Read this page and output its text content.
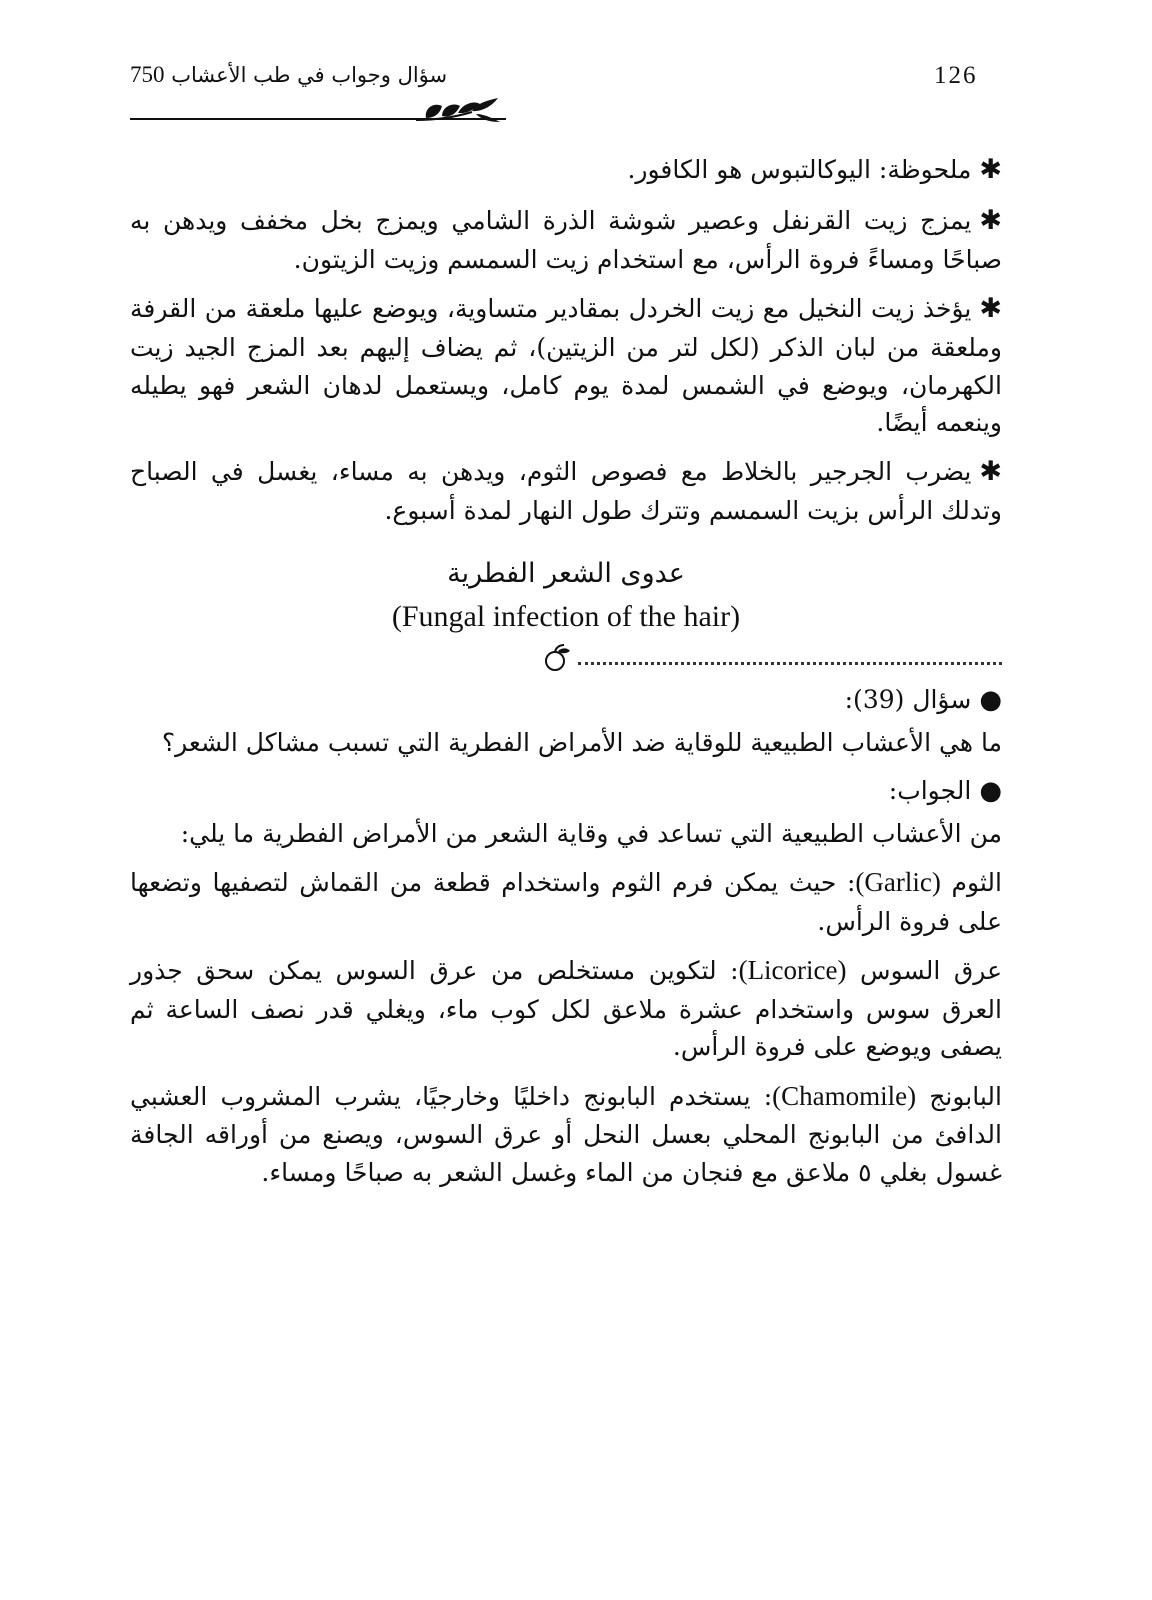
126
سؤال وجواب في طب الأعشاب 750

✱ملحوظة: اليوكالتبوس هو الكافور.

✱يمزج زيت القرنفل وعصير شوشة الذرة الشامي ويمزج بخل مخفف ويدهن به صباحًا ومساءً فروة الرأس، مع استخدام زيت السمسم وزيت الزيتون.

✱يؤخذ زيت النخيل مع زيت الخردل بمقادير متساوية، ويوضع عليها ملعقة من القرفة وملعقة من لبان الذكر (لكل لتر من الزيتين)، ثم يضاف إليهم بعد المزج الجيد زيت الكهرمان، ويوضع في الشمس لمدة يوم كامل، ويستعمل لدهان الشعر فهو يطيله وينعمه أيضًا.

✱يضرب الجرجير بالخلاط مع فصوص الثوم، ويدهن به مساء، يغسل في الصباح وتدلك الرأس بزيت السمسم وتترك طول النهار لمدة أسبوع.

عدوى الشعر الفطرية

(Fungal infection of the hair)

●سؤال (39):

ما هي الأعشاب الطبيعية للوقاية ضد الأمراض الفطرية التي تسبب مشاكل الشعر؟

●الجواب:

من الأعشاب الطبيعية التي تساعد في وقاية الشعر من الأمراض الفطرية ما يلي:

الثوم (Garlic): حيث يمكن فرم الثوم واستخدام قطعة من القماش لتصفيها وتضعها على فروة الرأس.

عرق السوس (Licorice): لتكوين مستخلص من عرق السوس يمكن سحق جذور العرق سوس واستخدام عشرة ملاعق لكل كوب ماء، ويغلي قدر نصف الساعة ثم يصفى ويوضع على فروة الرأس.

البابونج (Chamomile): يستخدم البابونج داخليًا وخارجيًا، يشرب المشروب العشبي الدافئ من البابونج المحلي بعسل النحل أو عرق السوس، ويصنع من أوراقه الجافة غسول بغلي ٥ ملاعق مع فنجان من الماء وغسل الشعر به صباحًا ومساء.
